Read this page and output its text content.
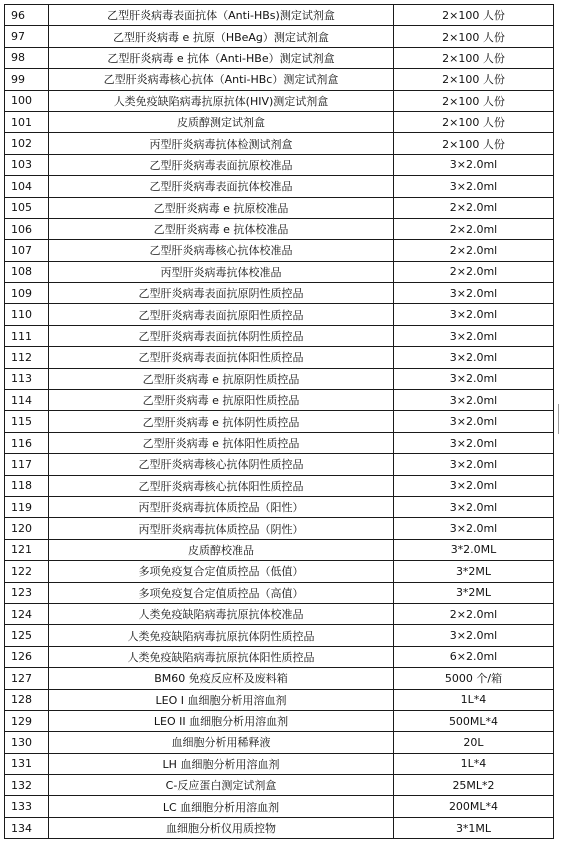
96	乙型肝炎病毒表面抗体（Anti-HBs)测定试剂盒	2×100 人份
97	乙型肝炎病毒 e 抗原（HBeAg）测定试剂盒	2×100 人份
98	乙型肝炎病毒 e 抗体（Anti-HBe）测定试剂盒	2×100 人份
99	乙型肝炎病毒核心抗体（Anti-HBc）测定试剂盒	2×100 人份
100	人类免疫缺陷病毒抗原抗体(HIV)测定试剂盒	2×100 人份
101	皮质醇测定试剂盒	2×100 人份
102	丙型肝炎病毒抗体检测试剂盒	2×100 人份
103	乙型肝炎病毒表面抗原校准品	3×2.0ml
104	乙型肝炎病毒表面抗体校准品	3×2.0ml
105	乙型肝炎病毒 e 抗原校准品	2×2.0ml
106	乙型肝炎病毒 e 抗体校准品	2×2.0ml
107	乙型肝炎病毒核心抗体校准品	2×2.0ml
108	丙型肝炎病毒抗体校准品	2×2.0ml
109	乙型肝炎病毒表面抗原阴性质控品	3×2.0ml
110	乙型肝炎病毒表面抗原阳性质控品	3×2.0ml
111	乙型肝炎病毒表面抗体阴性质控品	3×2.0ml
112	乙型肝炎病毒表面抗体阳性质控品	3×2.0ml
113	乙型肝炎病毒 e 抗原阴性质控品	3×2.0ml
114	乙型肝炎病毒 e 抗原阳性质控品	3×2.0ml
115	乙型肝炎病毒 e 抗体阴性质控品	3×2.0ml
116	乙型肝炎病毒 e 抗体阳性质控品	3×2.0ml
117	乙型肝炎病毒核心抗体阴性质控品	3×2.0ml
118	乙型肝炎病毒核心抗体阳性质控品	3×2.0ml
119	丙型肝炎病毒抗体质控品（阳性）	3×2.0ml
120	丙型肝炎病毒抗体质控品（阴性）	3×2.0ml
121	皮质醇校准品	3*2.0ML
122	多项免疫复合定值质控品（低值）	3*2ML
123	多项免疫复合定值质控品（高值）	3*2ML
124	人类免疫缺陷病毒抗原抗体校准品	2×2.0ml
125	人类免疫缺陷病毒抗原抗体阴性质控品	3×2.0ml
126	人类免疫缺陷病毒抗原抗体阳性质控品	6×2.0ml
127	BM60 免疫反应杯及废料箱	5000 个/箱
128	LEO I 血细胞分析用溶血剂	1L*4
129	LEO II 血细胞分析用溶血剂	500ML*4
130	血细胞分析用稀释液	20L
131	LH 血细胞分析用溶血剂	1L*4
132	C-反应蛋白测定试剂盒	25ML*2
133	LC 血细胞分析用溶血剂	200ML*4
134	血细胞分析仪用质控物	3*1ML
